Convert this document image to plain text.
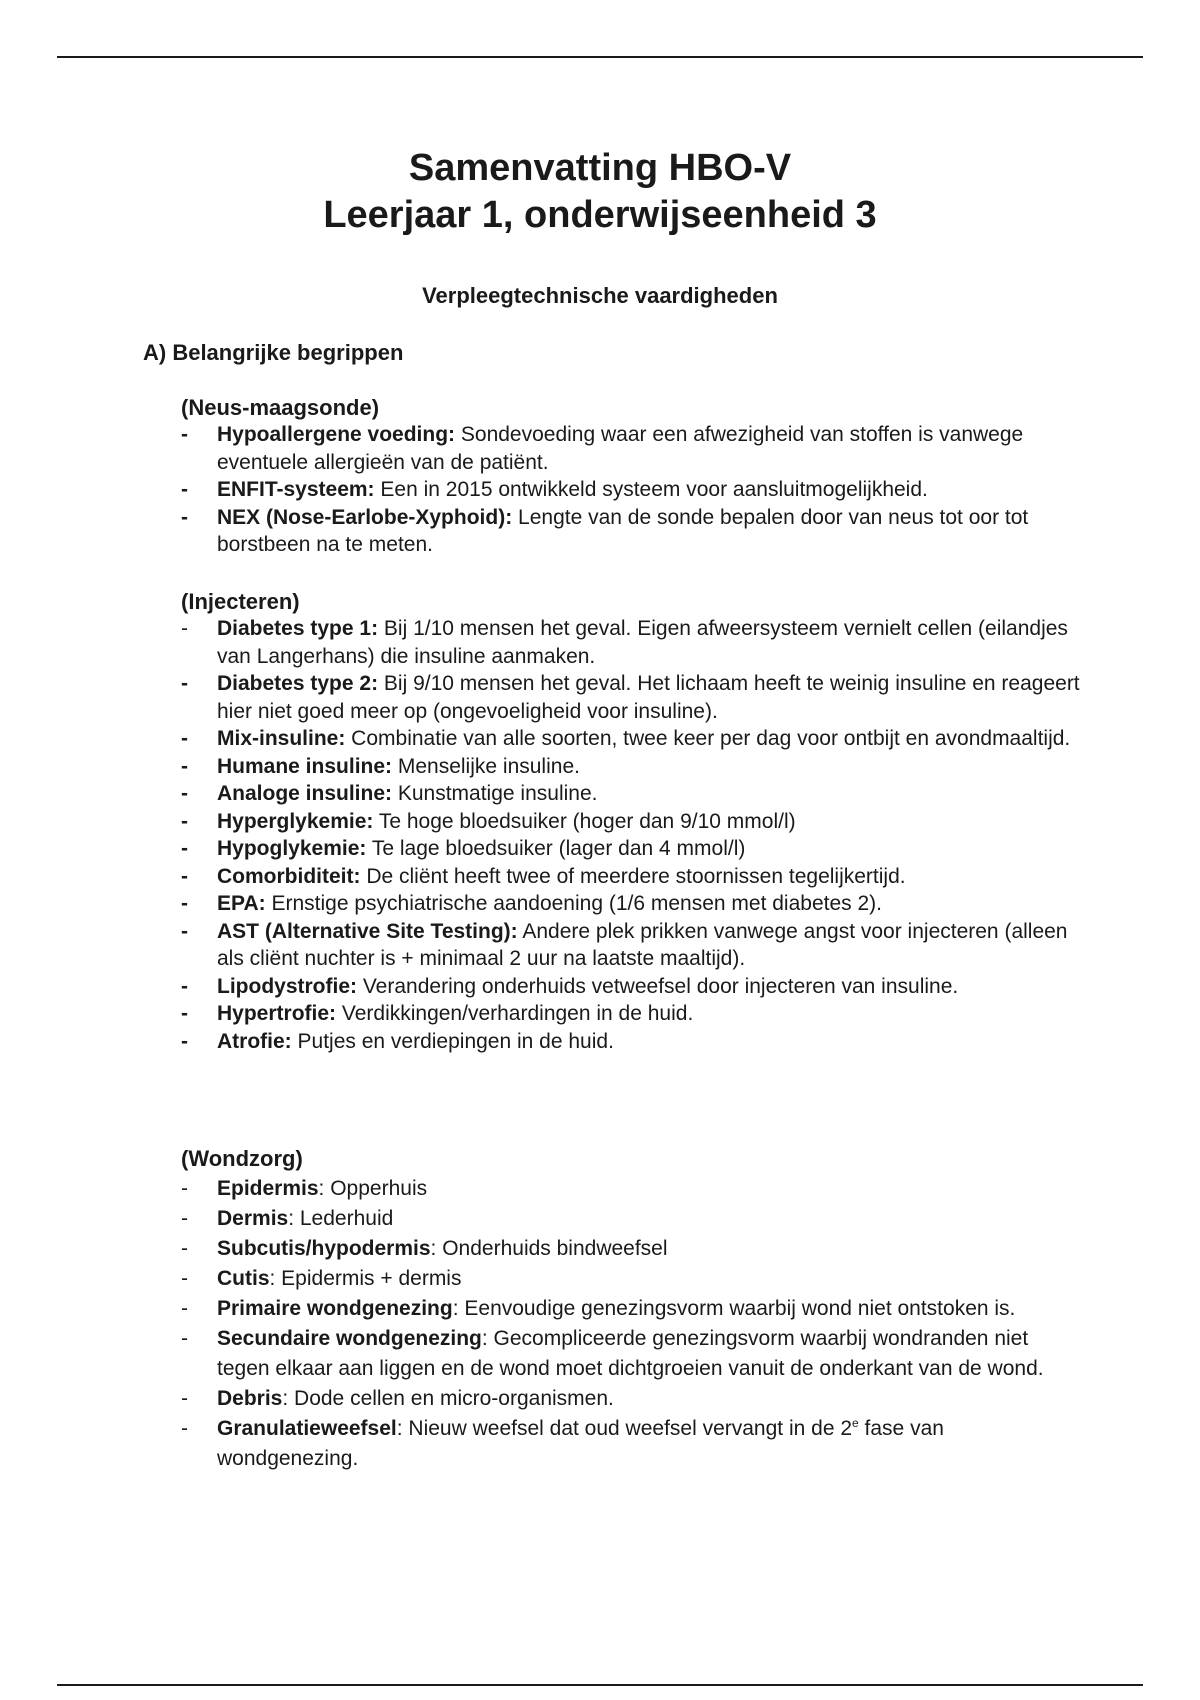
Samenvatting HBO-V
Leerjaar 1, onderwijseenheid 3
Verpleegtechnische vaardigheden
A) Belangrijke begrippen
(Neus-maagsonde)
-	Hypoallergene voeding: Sondevoeding waar een afwezigheid van stoffen is vanwege eventuele allergieën van de patiënt.
-	ENFIT-systeem: Een in 2015 ontwikkeld systeem voor aansluitmogelijkheid.
-	NEX (Nose-Earlobe-Xyphoid): Lengte van de sonde bepalen door van neus tot oor tot borstbeen na te meten.
(Injecteren)
-	Diabetes type 1: Bij 1/10 mensen het geval. Eigen afweersysteem vernielt cellen (eilandjes van Langerhans) die insuline aanmaken.
-	Diabetes type 2: Bij 9/10 mensen het geval. Het lichaam heeft te weinig insuline en reageert hier niet goed meer op (ongevoeligheid voor insuline).
-	Mix-insuline: Combinatie van alle soorten, twee keer per dag voor ontbijt en avondmaaltijd.
-	Humane insuline: Menselijke insuline.
-	Analoge insuline: Kunstmatige insuline.
-	Hyperglykemie: Te hoge bloedsuiker (hoger dan 9/10 mmol/l)
-	Hypoglykemie: Te lage bloedsuiker (lager dan 4 mmol/l)
-	Comorbiditeit: De cliënt heeft twee of meerdere stoornissen tegelijkertijd.
-	EPA: Ernstige psychiatrische aandoening (1/6 mensen met diabetes 2).
-	AST (Alternative Site Testing): Andere plek prikken vanwege angst voor injecteren (alleen als cliënt nuchter is + minimaal 2 uur na laatste maaltijd).
-	Lipodystrofie: Verandering onderhuids vetweefsel door injecteren van insuline.
-	Hypertrofie: Verdikkingen/verhardingen in de huid.
-	Atrofie: Putjes en verdiepingen in de huid.
(Wondzorg)
-	Epidermis: Opperhuis
-	Dermis: Lederhuid
-	Subcutis/hypodermis: Onderhuids bindweefsel
-	Cutis: Epidermis + dermis
-	Primaire wondgenezing: Eenvoudige genezingsvorm waarbij wond niet ontstoken is.
-	Secundaire wondgenezing: Gecompliceerde genezingsvorm waarbij wondranden niet tegen elkaar aan liggen en de wond moet dichtgroeien vanuit de onderkant van de wond.
-	Debris: Dode cellen en micro-organismen.
-	Granulatieweefsel: Nieuw weefsel dat oud weefsel vervangt in de 2e fase van wondgenezing.
